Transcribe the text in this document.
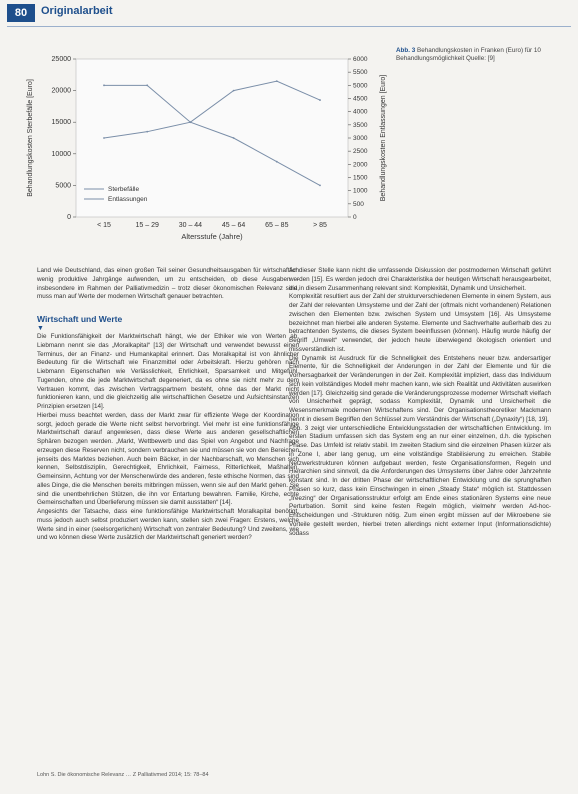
80	Originalarbeit
0
5000
10000
15000
20000
25000
0
500
1000
1500
2000
2500
3000
3500
4000
4500
5000
5500
6000
< 15	15 – 29	30 – 44	45 – 64	65 – 85	> 85
Altersstufe (Jahre)
Behandlungskosten Sterbefälle [Euro]	Behandlungskosten Entlassungen [Euro]
Sterbefälle
Entlassungen
Abb. 3 Behandlungskosten in Franken (Euro) für 10 Behandlungsmöglichkeit Quelle: [9]

Land wie Deutschland, das einen großen Teil seiner Gesundheitsausgaben für wirtschaftlich wenig produktive Jahrgänge aufwenden, um zu entscheiden, ob diese Ausgaben – insbesondere im Rahmen der Palliativmedizin – trotz dieser ökonomischen Relevanz sind, muss man auf Werte der modernen Wirtschaft genauer betrachten.

Wirtschaft und Werte
▼

Die Funktionsfähigkeit der Marktwirtschaft hängt, wie der Ethiker wie von Werten ab. Liebmann nennt sie das „Moralkapital“ [13] der Wirtschaft und verwendet bewusst einen Terminus, der an Finanz- und Humankapital erinnert. Das Moralkapital ist von ähnlicher Bedeutung für die Wirtschaft wie Finanzmittel oder Arbeitskraft. Hierzu gehören nach Liebmann Eigenschaften wie Verlässlichkeit, Ehrlichkeit, Sparsamkeit und Mitgefühl. Tugenden, ohne die jede Marktwirtschaft degeneriert, da es ohne sie nicht mehr zu dem Vertrauen kommt, das zwischen Vertragspartnern besteht, ohne das der Markt nicht funktionieren kann, und die gleichzeitig alle wirtschaftlichen Gesetze und Aufsichtsinstanzen Prinzipien ersetzen [14].

Hierbei muss beachtet werden, dass der Markt zwar für effiziente Wege der Koordination sorgt, jedoch gerade die Werte nicht selbst hervorbringt. Viel mehr ist eine funktionsfähige Marktwirtschaft darauf angewiesen, dass diese Werte aus anderen gesellschaftlichen Sphären bezogen werden. „Markt, Wettbewerb und das Spiel von Angebot und Nachfrage erzeugen diese Reserven nicht, sondern verbrauchen sie und müssen sie von den Bereichen jenseits des Marktes beziehen. Auch beim Bäcker, in der Nachbarschaft, wo Menschen sich kennen, Selbstdisziplin, Gerechtigkeit, Ehrlichkeit, Fairness, Ritterlichkeit, Maßhalten, Gemeinsinn, Achtung vor der Menschenwürde des anderen, feste ethische Normen, das sind alles Dinge, die die Menschen bereits mitbringen müssen, wenn sie auf den Markt gehen. Sie sind die unentbehrlichen Stützen, die ihn vor Entartung bewahren. Familie, Kirche, echte Gemeinschaften und Überlieferung müssen sie damit ausstatten“ [14].

Angesichts der Tatsache, dass eine funktionsfähige Marktwirtschaft Moralkapital benötigt, muss jedoch auch selbst produziert werden kann, stellen sich zwei Fragen: Erstens, welche Werte sind in einer (seelsorgerlichen) Wirtschaft von zentraler Bedeutung? Und zweitens, wie und wo können diese Werte zusätzlich der Marktwirtschaft generiert werden?

An dieser Stelle kann nicht die umfassende Diskussion der postmodernen Wirtschaft geführt werden [15]. Es werden jedoch drei Charakteristika der heutigen Wirtschaft herausgearbeitet, die in diesem Zusammenhang relevant sind: Komplexität, Dynamik und Unsicherheit.

Komplexität resultiert aus der Zahl der strukturverschiedenen Elemente in einem System, aus der Zahl der relevanten Umsysteme und der Zahl der (oftmals nicht vorhandenen) Relationen zwischen den Elementen bzw. zwischen System und Umsystem [16]. Als Umsysteme bezeichnet man hierbei alle anderen Systeme. Elemente und Sachverhalte außerhalb des zu betrachtenden Systems, die dieses System beeinflussen (können). Häufig wurde häufig der Begriff „Umwelt“ verwendet, der jedoch heute überwiegend ökologisch orientiert und missverständlich ist.

Die Dynamik ist Ausdruck für die Schnelligkeit des Entstehens neuer bzw. andersartiger Elemente, für die Schnelligkeit der Anderungen in der Zahl der Elemente und für die Vorhersagbarkeit der Veränderungen in der Zeit. Komplexität impliziert, dass das Individuum sich kein vollständiges Modell mehr machen kann, wie sich Realität und Aktivitäten auswirken werden [17]. Gleichzeitig sind gerade die Veränderungsprozesse moderner Wirtschaft vielfach von Unsicherheit geprägt, sodass Komplexität, Dynamik und Unsicherheit die Wesensmerkmale modernen Wirtschaftens sind. Der Organisationstheoretiker Mackmann nennt in diesem Begriffen den Schlüssel zum Verständnis der Wirtschaft („Dynaxity“) [18, 19].

Abb. 3 zeigt vier unterschiedliche Entwicklungsstadien der wirtschaftlichen Entwicklung. Im ersten Stadium umfassen sich das System eng an nur einer einzelnen, d.h. die typischen Phase. Das Umfeld ist relativ stabil. Im zweiten Stadium sind die einzelnen Phasen kürzer als in Zone I, aber lang genug, um eine vollständige Stabilisierung zu erreichen. Stabile Netzwerkstrukturen können aufgebaut werden, feste Organisationsformen, Regeln und Hierarchien sind sinnvoll, da die Anforderungen des Umsystems über Jahre oder Jahrzehnte konstant sind. In der dritten Phase der wirtschaftlichen Entwicklung und die sprunghaften Phasen so kurz, dass kein Einschwingen in einen „Steady State“ möglich ist. Stattdessen „freezing“ der Organisationsstruktur erfolgt am Ende eines stationären Systems eine neue Perturbation. Somit sind keine festen Regeln möglich, vielmehr werden Ad-hoc-Entscheidungen und -Strukturen nötig. Zum einen ergibt müssen auf der Mikroebene sie Vorteile gestellt werden, hierbei treten allerdings nicht externer Input (Informationsdichte) sodass

Lohn S. Die ökonomische Relevanz … Z Palliativmed 2014; 15: 78–84
